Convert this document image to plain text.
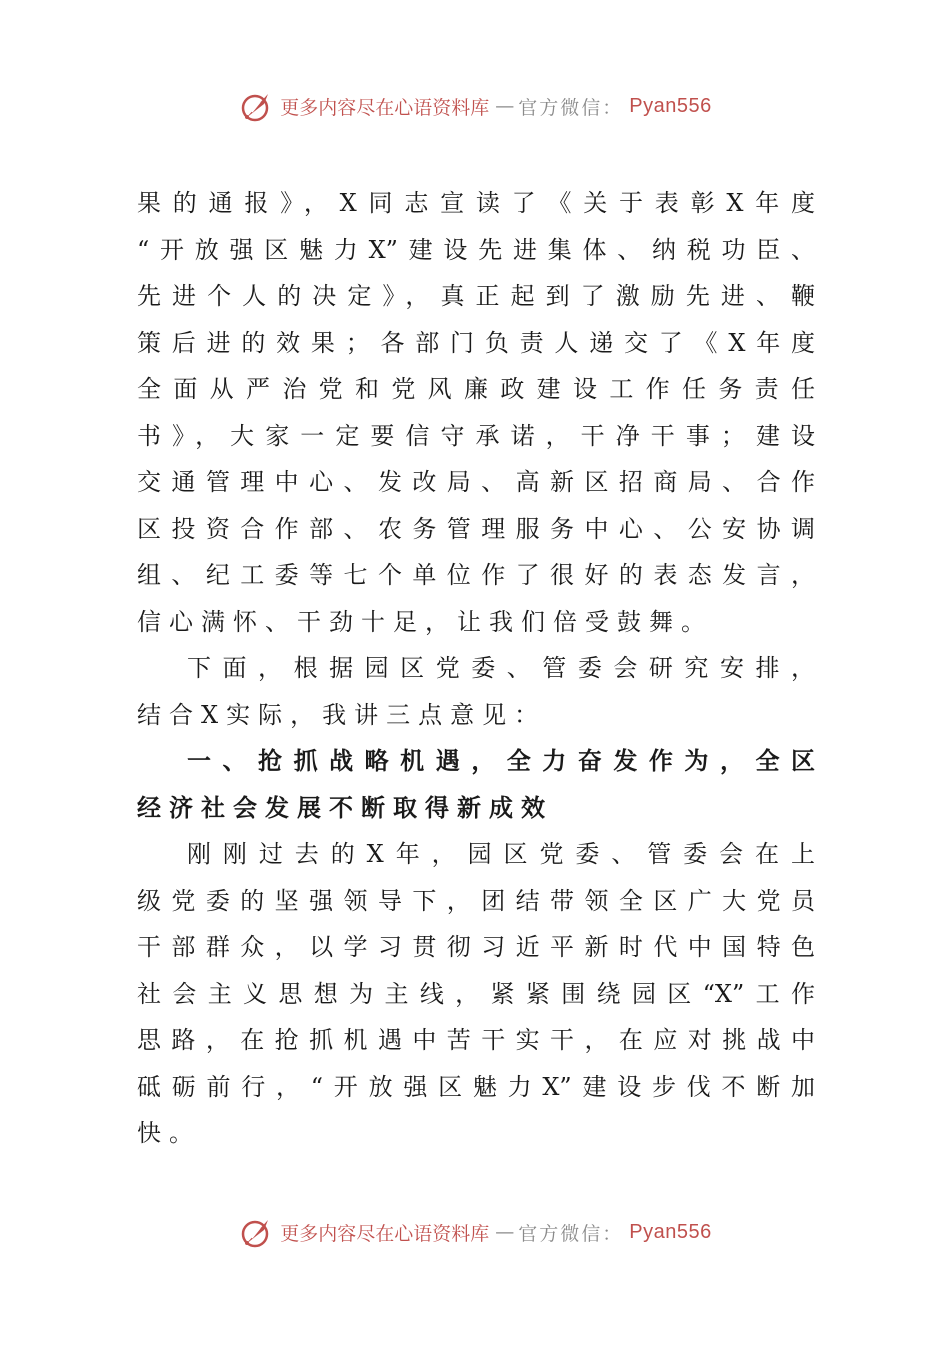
更多内容尽在心语资料库 — 官方微信： Pyan556
果的通报》，X同志宣读了《关于表彰X年度
“开放强区魅力X”建设先进集体、纳税功臣、
先进个人的决定》，真正起到了激励先进、鞭
策后进的效果；各部门负责人递交了《X年度
全面从严治党和党风廉政建设工作任务责任
书》，大家一定要信守承诺，干净干事；建设
交通管理中心、发改局、高新区招商局、合作
区投资合作部、农务管理服务中心、公安协调
组、纪工委等七个单位作了很好的表态发言，
信心满怀、干劲十足，让我们倍受鼓舞。
下面，根据园区党委、管委会研究安排，
结合X实际，我讲三点意见：
一、抢抓战略机遇，全力奋发作为，全区
经济社会发展不断取得新成效
刚刚过去的X年，园区党委、管委会在上
级党委的坚强领导下，团结带领全区广大党员
干部群众，以学习贯彻习近平新时代中国特色
社会主义思想为主线，紧紧围绕园区“X”工作
思路，在抢抓机遇中苦干实干，在应对挑战中
砥砺前行，“开放强区魅力X”建设步伐不断加
快。
更多内容尽在心语资料库 — 官方微信： Pyan556
